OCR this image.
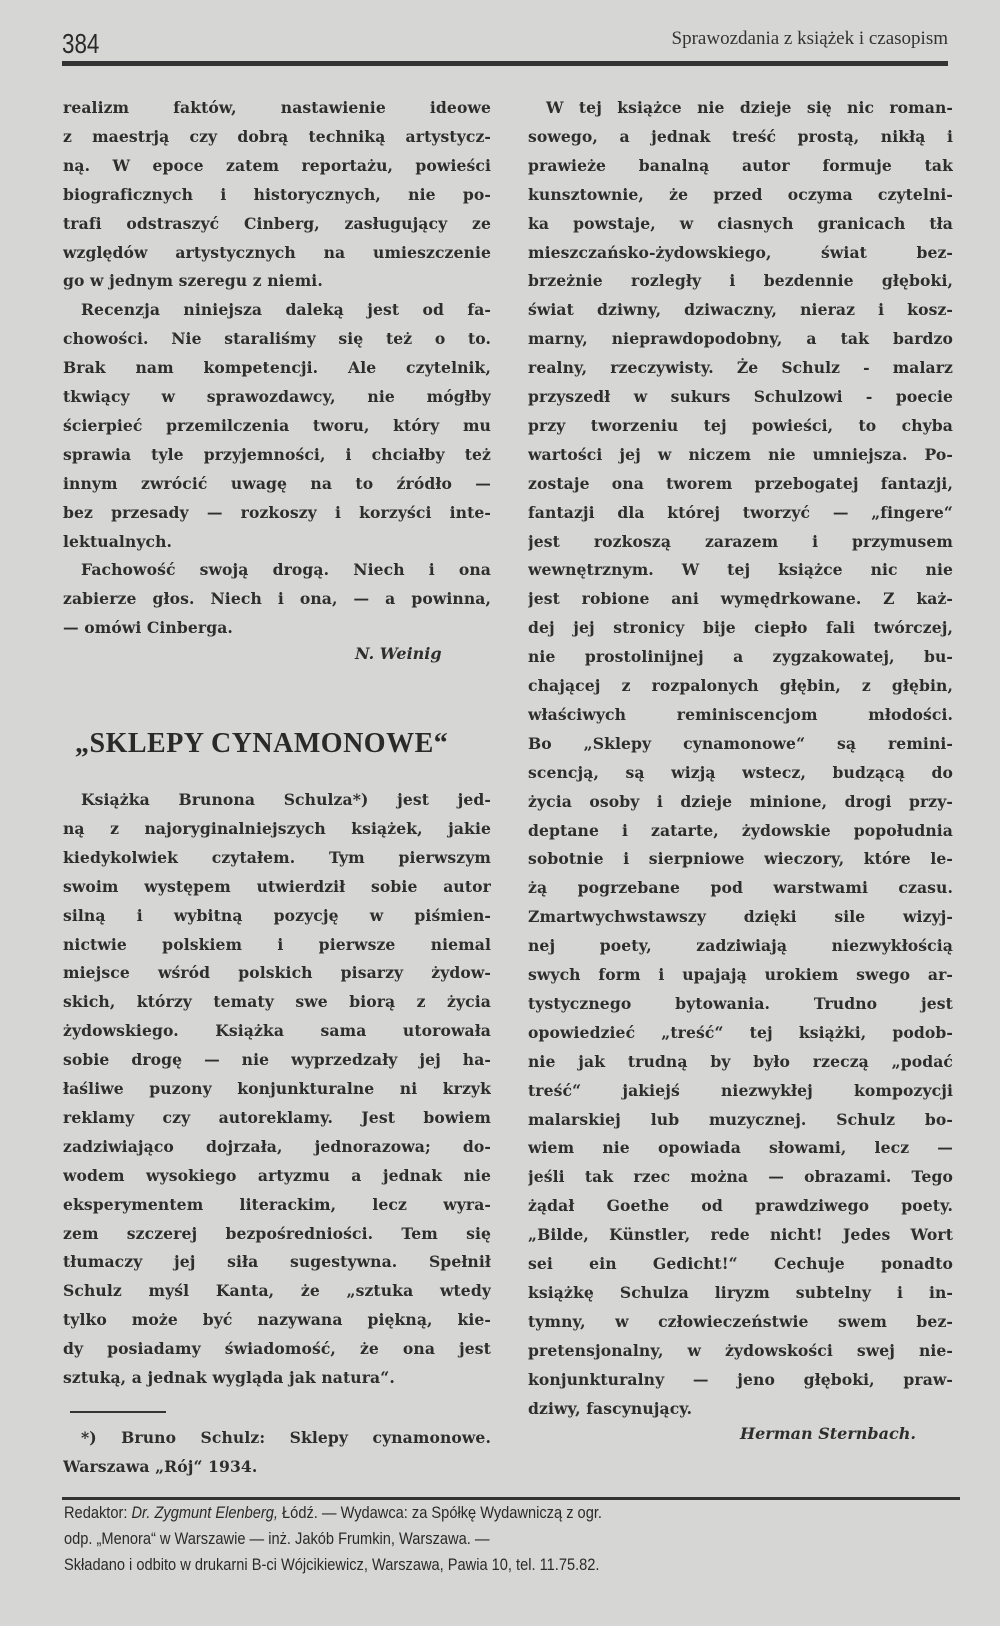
384	Sprawozdania z książek i czasopism
N. Weinig
„SKLEPY CYNAMONOWE“
realizm faktów, nastawienie ideowe
z maestrją czy dobrą techniką artystycz-
ną. W epoce zatem reportażu, powieści
biograficznych i historycznych, nie po-
trafi odstraszyć Cinberg, zasługujący ze
względów artystycznych na umieszczenie
go w jednym szeregu z niemi.
Recenzja niniejsza daleką jest od fa-
chowości. Nie staraliśmy się też o to.
Brak nam kompetencji. Ale czytelnik,
tkwiący w sprawozdawcy, nie mógłby
ścierpieć przemilczenia tworu, który mu
sprawia tyle przyjemności, i chciałby też
innym zwrócić uwagę na to źródło —
bez przesady — rozkoszy i korzyści inte-
lektualnych.
Fachowość swoją drogą. Niech i ona
zabierze głos. Niech i ona, — a powinna,
— omówi Cinberga.
Książka Brunona Schulza*) jest jed-
ną z najoryginalniejszych książek, jakie
kiedykolwiek czytałem. Tym pierwszym
swoim występem utwierdził sobie autor
silną i wybitną pozycję w piśmien-
nictwie polskiem i pierwsze niemal
miejsce wśród polskich pisarzy żydow-
skich, którzy tematy swe biorą z życia
żydowskiego. Książka sama utorowała
sobie drogę — nie wyprzedzały jej ha-
łaśliwe puzony konjunkturalne ni krzyk
reklamy czy autoreklamy. Jest bowiem
zadziwiająco dojrzała, jednorazowa; do-
wodem wysokiego artyzmu a jednak nie
eksperymentem literackim, lecz wyra-
zem szczerej bezpośredniości. Tem się
tłumaczy jej siła sugestywna. Spełnił
Schulz myśl Kanta, że „sztuka wtedy
tylko może być nazywana piękną, kie-
dy posiadamy świadomość, że ona jest
sztuką, a jednak wygląda jak natura“.
*) Bruno Schulz: Sklepy cynamonowe.
Warszawa „Rój“ 1934.
Herman Sternbach.
W tej książce nie dzieje się nic roman-
sowego, a jednak treść prostą, nikłą i
prawieże banalną autor formuje tak
kunsztownie, że przed oczyma czytelni-
ka powstaje, w ciasnych granicach tła
mieszczańsko-żydowskiego, świat bez-
brzeżnie rozległy i bezdennie głęboki,
świat dziwny, dziwaczny, nieraz i kosz-
marny, nieprawdopodobny, a tak bardzo
realny, rzeczywisty. Że Schulz - malarz
przyszedł w sukurs Schulzowi - poecie
przy tworzeniu tej powieści, to chyba
wartości jej w niczem nie umniejsza. Po-
zostaje ona tworem przebogatej fantazji,
fantazji dla której tworzyć — „fingere“
jest rozkoszą zarazem i przymusem
wewnętrznym. W tej książce nic nie
jest robione ani wymędrkowane. Z każ-
dej jej stronicy bije ciepło fali twórczej,
nie prostolinijnej a zygzakowatej, bu-
chającej z rozpalonych głębin, z głębin,
właściwych reminiscencjom młodości.
Bo „Sklepy cynamonowe“ są remini-
scencją, są wizją wstecz, budzącą do
życia osoby i dzieje minione, drogi przy-
deptane i zatarte, żydowskie popołudnia
sobotnie i sierpniowe wieczory, które le-
żą pogrzebane pod warstwami czasu.
Zmartwychwstawszy dzięki sile wizyj-
nej poety, zadziwiają niezwykłością
swych form i upajają urokiem swego ar-
tystycznego bytowania. Trudno jest
opowiedzieć „treść“ tej książki, podob-
nie jak trudną by było rzeczą „podać
treść“ jakiejś niezwykłej kompozycji
malarskiej lub muzycznej. Schulz bo-
wiem nie opowiada słowami, lecz —
jeśli tak rzec można — obrazami. Tego
żądał Goethe od prawdziwego poety.
„Bilde, Künstler, rede nicht! Jedes Wort
sei ein Gedicht!“ Cechuje ponadto
książkę Schulza liryzm subtelny i in-
tymny, w człowieczeństwie swem bez-
pretensjonalny, w żydowskości swej nie-
konjunkturalny — jeno głęboki, praw-
dziwy, fascynujący.
Redaktor: Dr. Zygmunt Elenberg, Łódź. — Wydawca: za Spółkę Wydawniczą z ogr.
odp. „Menora“ w Warszawie — inż. Jakób Frumkin, Warszawa. —
Składano i odbito w drukarni B-ci Wójcikiewicz, Warszawa, Pawia 10, tel. 11.75.82.
